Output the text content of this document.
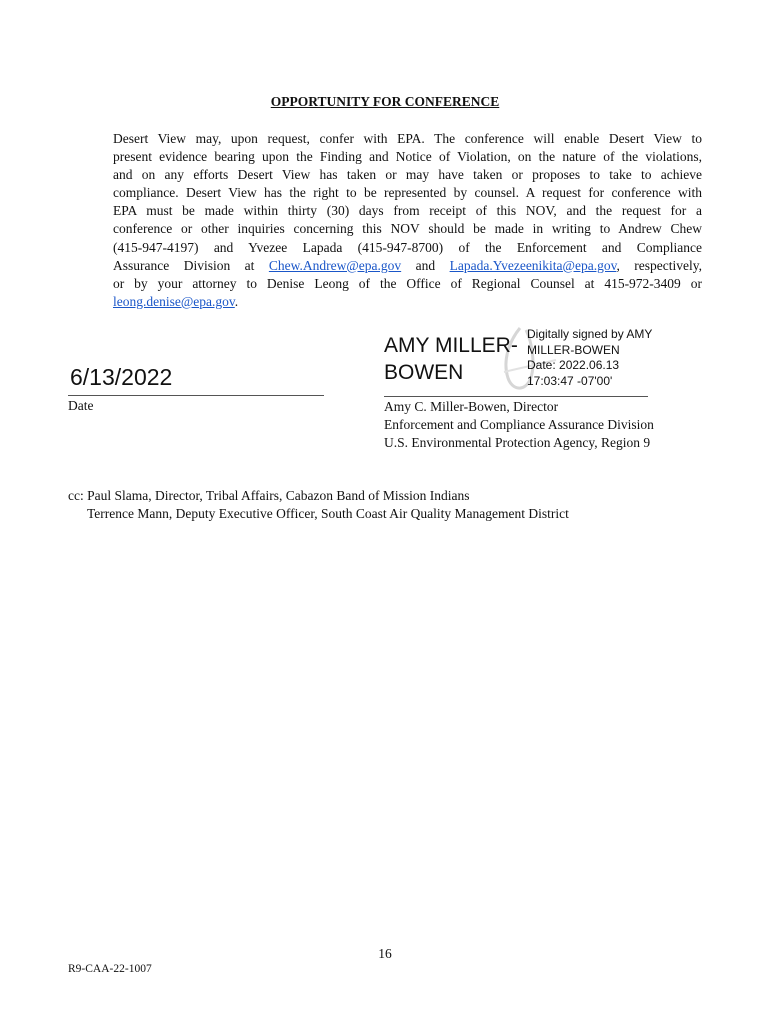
OPPORTUNITY FOR CONFERENCE
Desert View may, upon request, confer with EPA. The conference will enable Desert View to
present evidence bearing upon the Finding and Notice of Violation, on the nature of the violations,
and on any efforts Desert View has taken or may have taken or proposes to take to achieve
compliance. Desert View has the right to be represented by counsel. A request for conference with
EPA must be made within thirty (30) days from receipt of this NOV, and the request for a
conference or other inquiries concerning this NOV should be made in writing to Andrew Chew
(415-947-4197) and Yvezee Lapada (415-947-8700) of the Enforcement and Compliance
Assurance Division at Chew.Andrew@epa.gov and Lapada.Yvezeenikita@epa.gov, respectively,
or by your attorney to Denise Leong of the Office of Regional Counsel at 415-972-3409 or
leong.denise@epa.gov.
6/13/2022
Date
AMY MILLER-
BOWEN
Digitally signed by AMY
MILLER-BOWEN
Date: 2022.06.13
17:03:47 -07'00'
Amy C. Miller-Bowen, Director
Enforcement and Compliance Assurance Division
U.S. Environmental Protection Agency, Region 9
cc: Paul Slama, Director, Tribal Affairs, Cabazon Band of Mission Indians
Terrence Mann, Deputy Executive Officer, South Coast Air Quality Management District
16
R9-CAA-22-1007
